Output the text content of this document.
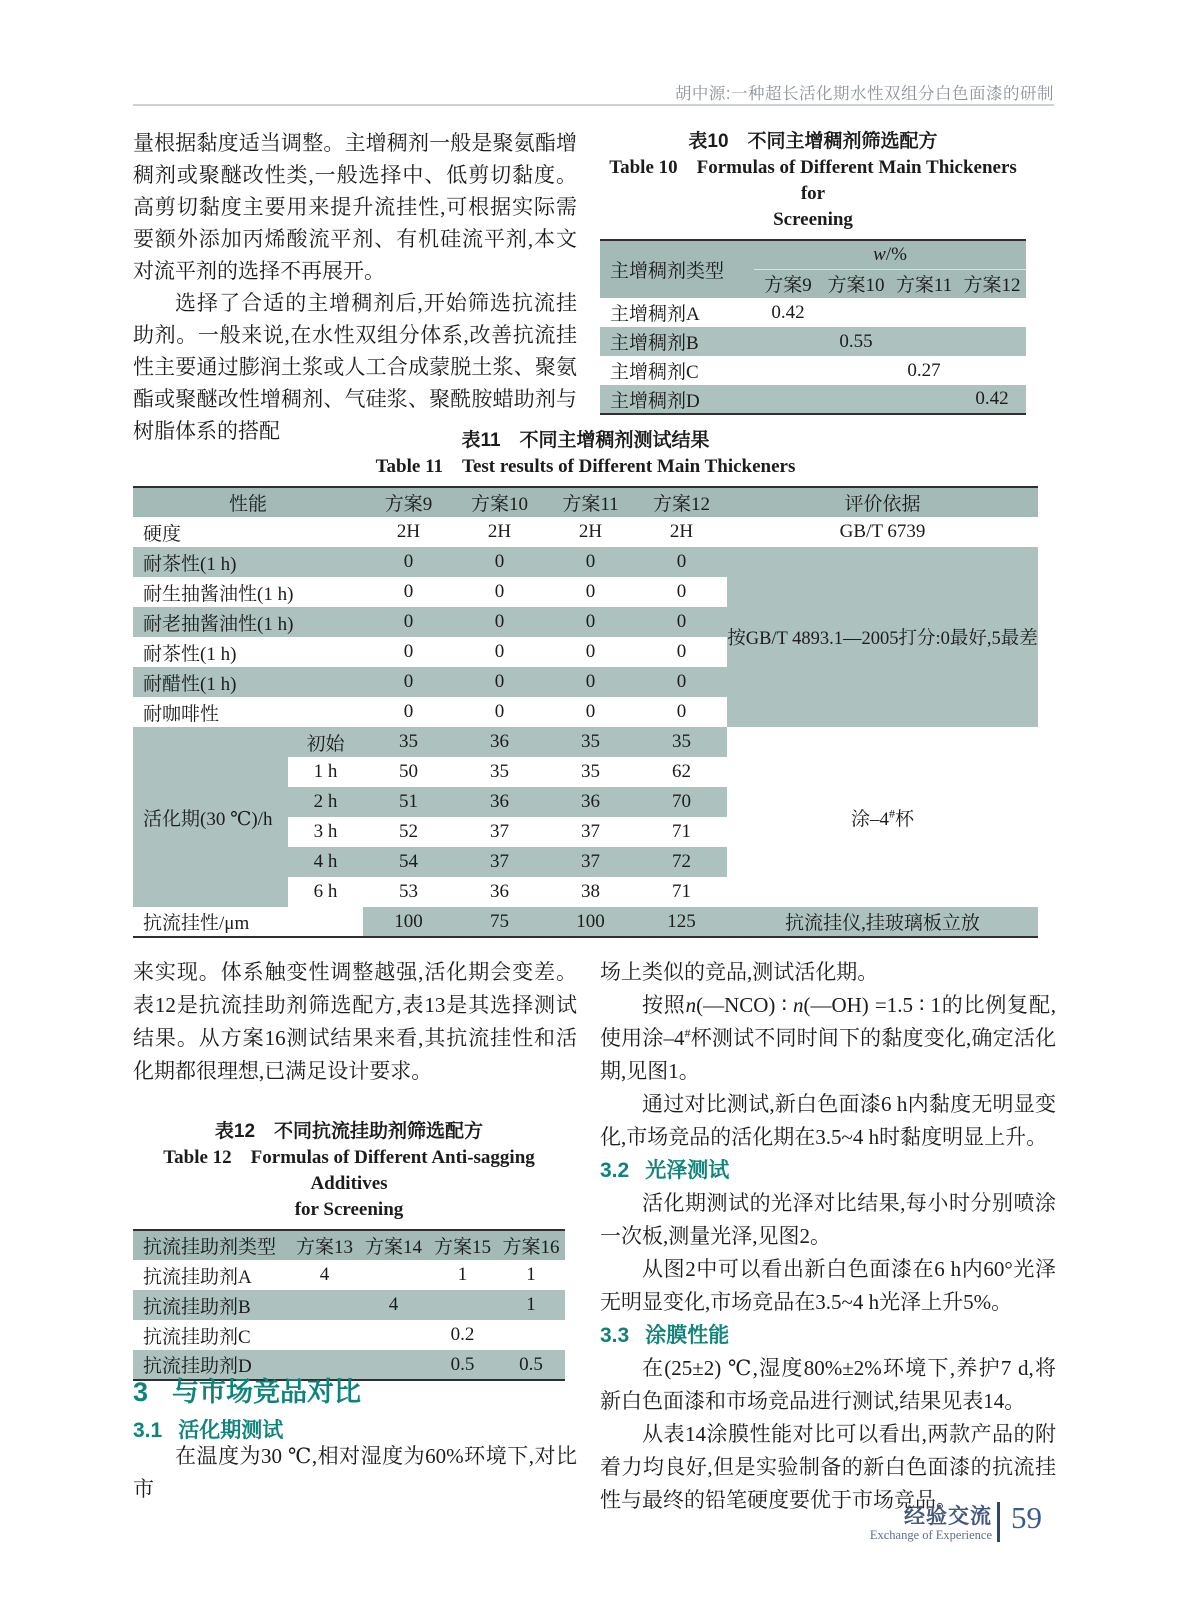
胡中源:一种超长活化期水性双组分白色面漆的研制

量根据黏度适当调整。主增稠剂一般是聚氨酯增稠剂或聚醚改性类,一般选择中、低剪切黏度。高剪切黏度主要用来提升流挂性,可根据实际需要额外添加丙烯酸流平剂、有机硅流平剂,本文对流平剂的选择不再展开。

选择了合适的主增稠剂后,开始筛选抗流挂助剂。一般来说,在水性双组分体系,改善抗流挂性主要通过膨润土浆或人工合成蒙脱土浆、聚氨酯或聚醚改性增稠剂、气硅浆、聚酰胺蜡助剂与树脂体系的搭配

表10　不同主增稠剂筛选配方

Table 10　Formulas of Different Main Thickeners for

Screening

主增稠剂类型	w/%			
	方案9	方案10	方案11	方案12
主增稠剂A	0.42			
主增稠剂B		0.55		
主增稠剂C			0.27	
主增稠剂D				0.42

表11　不同主增稠剂测试结果

Table 11　Test results of Different Main Thickeners

性能		方案9	方案10	方案11	方案12	评价依据
硬度		2H	2H	2H	2H	GB/T 6739
耐茶性(1 h)		0	0	0	0	按GB/T 4893.1—2005打分:0最好,5最差
耐生抽酱油性(1 h)		0	0	0	0	
耐老抽酱油性(1 h)		0	0	0	0	
耐茶性(1 h)		0	0	0	0	
耐醋性(1 h)		0	0	0	0	
耐咖啡性		0	0	0	0	
活化期(30 ℃)/h	初始	35	36	35	35	涂–4#杯
	1 h	50	35	35	62	
	2 h	51	36	36	70	
	3 h	52	37	37	71	
	4 h	54	37	37	72	
	6 h	53	36	38	71	
抗流挂性/μm		100	75	100	125	抗流挂仪,挂玻璃板立放

来实现。体系触变性调整越强,活化期会变差。表12是抗流挂助剂筛选配方,表13是其选择测试结果。从方案16测试结果来看,其抗流挂性和活化期都很理想,已满足设计要求。

表12　不同抗流挂助剂筛选配方

Table 12　Formulas of Different Anti-sagging Additives

for Screening

抗流挂助剂类型	方案13	方案14	方案15	方案16
抗流挂助剂A	4		1	1
抗流挂助剂B		4		1
抗流挂助剂C			0.2	
抗流挂助剂D			0.5	0.5
3 与市场竞品对比
3.1 活化期测试

在温度为30 ℃,相对湿度为60%环境下,对比市

场上类似的竞品,测试活化期。

按照n(—NCO) ∶ n(—OH) =1.5 ∶ 1的比例复配,使用涂–4#杯测试不同时间下的黏度变化,确定活化期,见图1。

通过对比测试,新白色面漆6 h内黏度无明显变化,市场竞品的活化期在3.5~4 h时黏度明显上升。

3.2 光泽测试

活化期测试的光泽对比结果,每小时分别喷涂一次板,测量光泽,见图2。

从图2中可以看出新白色面漆在6 h内60°光泽无明显变化,市场竞品在3.5~4 h光泽上升5%。

3.3 涂膜性能

在(25±2) ℃,湿度80%±2%环境下,养护7 d,将新白色面漆和市场竞品进行测试,结果见表14。

从表14涂膜性能对比可以看出,两款产品的附着力均良好,但是实验制备的新白色面漆的抗流挂性与最终的铅笔硬度要优于市场竞品。

经验交流
Exchange of Experience 59
